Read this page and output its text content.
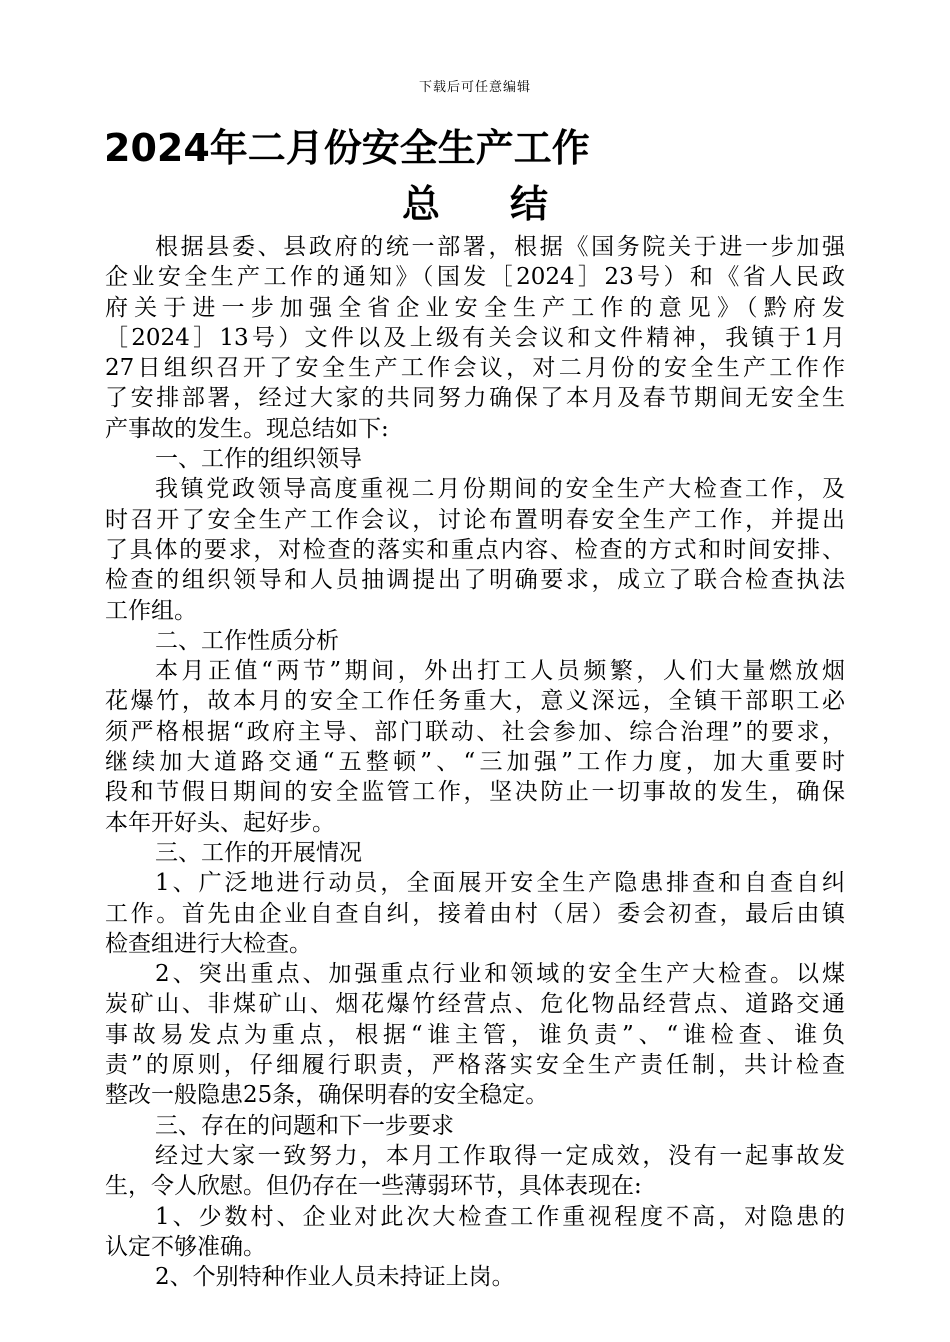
下载后可任意编辑
2024年二月份安全生产工作
总 结
根据县委、县政府的统一部署，根据《国务院关于进一步加强
企业安全生产工作的通知》（国发［2024］23号）和《省人民政
府关于进一步加强全省企业安全生产工作的意见》（黔府发
［2024］13号）文件以及上级有关会议和文件精神，我镇于1月
27日组织召开了安全生产工作会议，对二月份的安全生产工作作
了安排部署，经过大家的共同努力确保了本月及春节期间无安全生
产事故的发生。现总结如下:
一、工作的组织领导
我镇党政领导高度重视二月份期间的安全生产大检查工作，及
时召开了安全生产工作会议，讨论布置明春安全生产工作，并提出
了具体的要求，对检查的落实和重点内容、检查的方式和时间安排、
检查的组织领导和人员抽调提出了明确要求，成立了联合检查执法
工作组。
二、工作性质分析
本月正值“两节”期间，外出打工人员频繁，人们大量燃放烟
花爆竹，故本月的安全工作任务重大，意义深远，全镇干部职工必
须严格根据“政府主导、部门联动、社会参加、综合治理”的要求，
继续加大道路交通“五整顿”、“三加强”工作力度，加大重要时
段和节假日期间的安全监管工作，坚决防止一切事故的发生，确保
本年开好头、起好步。
三、工作的开展情况
1、广泛地进行动员，全面展开安全生产隐患排查和自查自纠
工作。首先由企业自查自纠，接着由村（居）委会初查，最后由镇
检查组进行大检查。
2、突出重点、加强重点行业和领域的安全生产大检查。以煤
炭矿山、非煤矿山、烟花爆竹经营点、危化物品经营点、道路交通
事故易发点为重点，根据“谁主管，谁负责”、“谁检查、谁负
责”的原则，仔细履行职责，严格落实安全生产责任制，共计检查
整改一般隐患25条，确保明春的安全稳定。
三、存在的问题和下一步要求
经过大家一致努力，本月工作取得一定成效，没有一起事故发
生，令人欣慰。但仍存在一些薄弱环节，具体表现在:
1、少数村、企业对此次大检查工作重视程度不高，对隐患的
认定不够准确。
2、个别特种作业人员未持证上岗。
